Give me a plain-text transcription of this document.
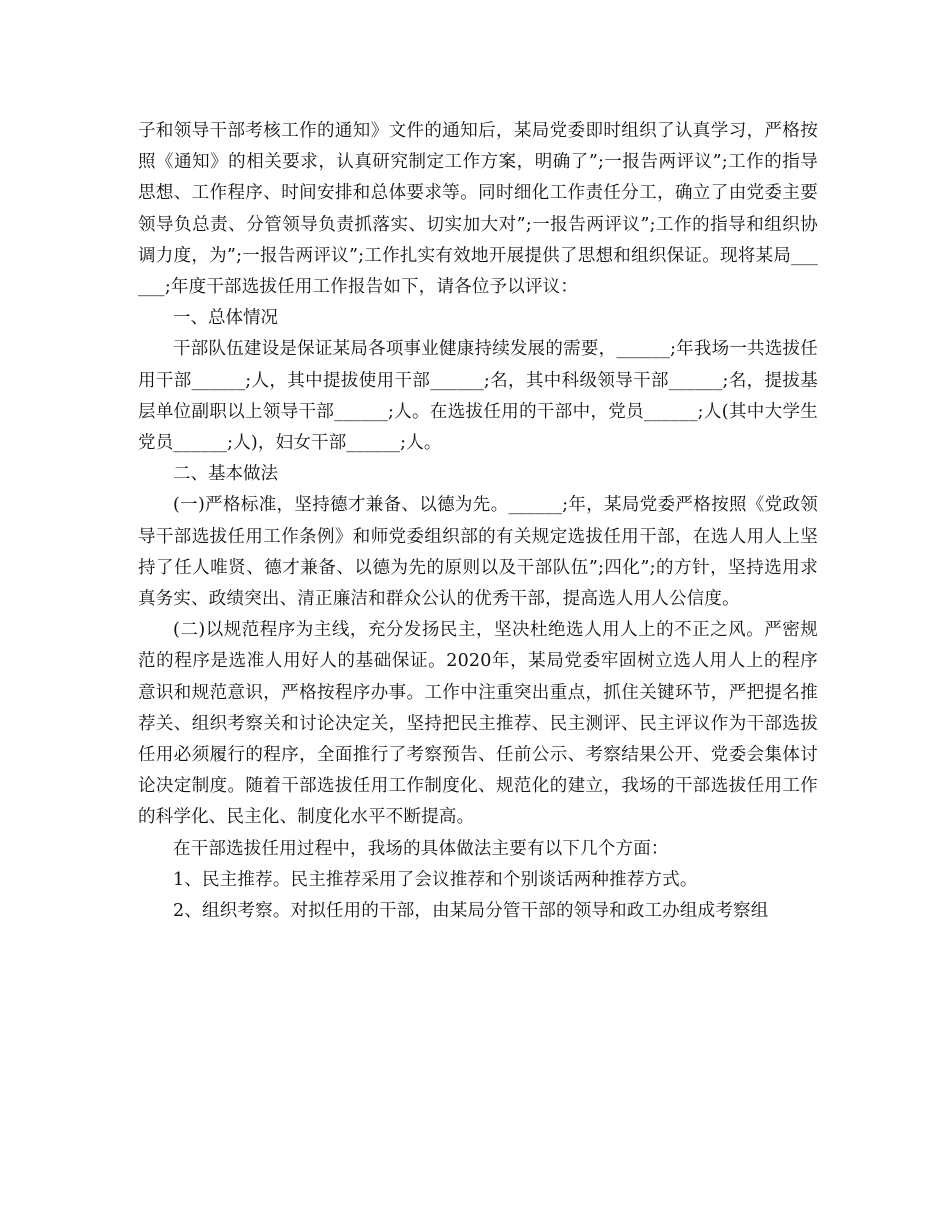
子和领导干部考核工作的通知》文件的通知后，某局党委即时组织了认真学习，严格按照《通知》的相关要求，认真研究制定工作方案，明确了”;一报告两评议”;工作的指导思想、工作程序、时间安排和总体要求等。同时细化工作责任分工，确立了由党委主要领导负总责、分管领导负责抓落实、切实加大对”;一报告两评议”;工作的指导和组织协调力度，为”;一报告两评议”;工作扎实有效地开展提供了思想和组织保证。现将某局______;年度干部选拔任用工作报告如下，请各位予以评议：

一、总体情况

干部队伍建设是保证某局各项事业健康持续发展的需要，______;年我场一共选拔任用干部______;人，其中提拔使用干部______;名，其中科级领导干部______;名，提拔基层单位副职以上领导干部______;人。在选拔任用的干部中，党员______;人(其中大学生党员______;人)，妇女干部______;人。

二、基本做法

(一)严格标准，坚持德才兼备、以德为先。______;年，某局党委严格按照《党政领导干部选拔任用工作条例》和师党委组织部的有关规定选拔任用干部，在选人用人上坚持了任人唯贤、德才兼备、以德为先的原则以及干部队伍”;四化”;的方针，坚持选用求真务实、政绩突出、清正廉洁和群众公认的优秀干部，提高选人用人公信度。

(二)以规范程序为主线，充分发扬民主，坚决杜绝选人用人上的不正之风。严密规范的程序是选准人用好人的基础保证。2020年，某局党委牢固树立选人用人上的程序意识和规范意识，严格按程序办事。工作中注重突出重点，抓住关键环节，严把提名推荐关、组织考察关和讨论决定关，坚持把民主推荐、民主测评、民主评议作为干部选拔任用必须履行的程序，全面推行了考察预告、任前公示、考察结果公开、党委会集体讨论决定制度。随着干部选拔任用工作制度化、规范化的建立，我场的干部选拔任用工作的科学化、民主化、制度化水平不断提高。

在干部选拔任用过程中，我场的具体做法主要有以下几个方面：

1、民主推荐。民主推荐采用了会议推荐和个别谈话两种推荐方式。

2、组织考察。对拟任用的干部，由某局分管干部的领导和政工办组成考察组
